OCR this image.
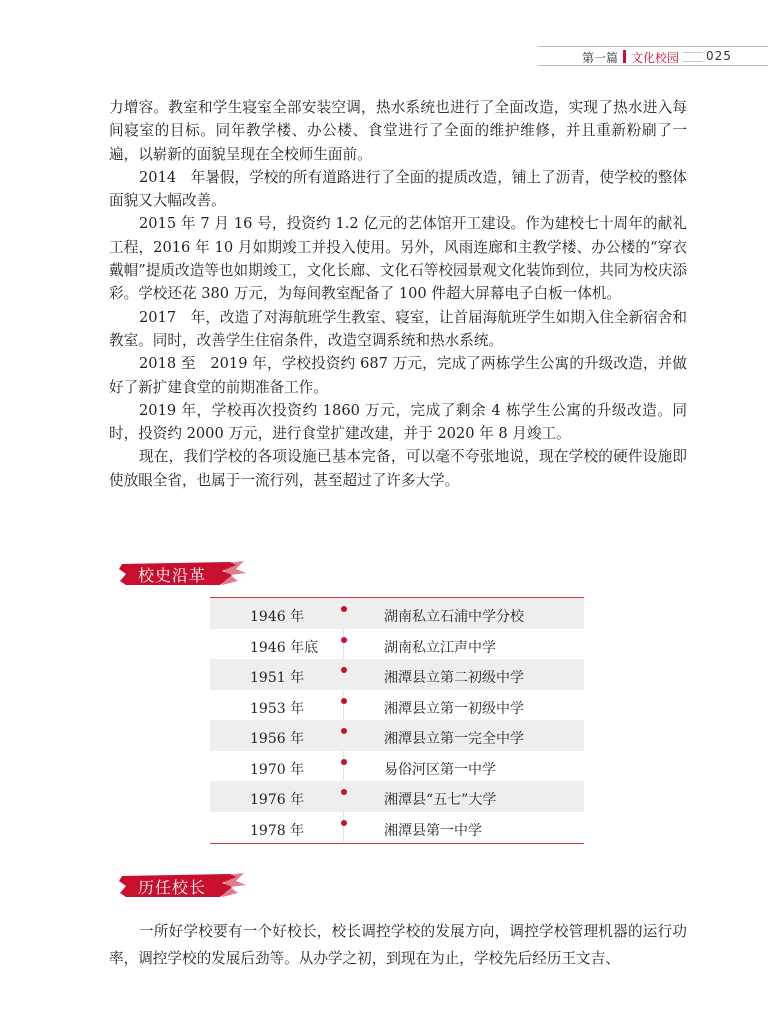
第一篇 文化校园 025

力增容。教室和学生寝室全部安装空调，热水系统也进行了全面改造，实现了热水进入每间寝室的目标。同年教学楼、办公楼、食堂进行了全面的维护维修，并且重新粉刷了一遍，以崭新的面貌呈现在全校师生面前。

2014　年暑假，学校的所有道路进行了全面的提质改造，铺上了沥青，使学校的整体面貌又大幅改善。

2015 年 7 月 16 号，投资约 1.2 亿元的艺体馆开工建设。作为建校七十周年的献礼工程，2016 年 10 月如期竣工并投入使用。另外，风雨连廊和主教学楼、办公楼的“穿衣戴帽”提质改造等也如期竣工，文化长廊、文化石等校园景观文化装饰到位，共同为校庆添彩。学校还花 380 万元，为每间教室配备了 100 件超大屏幕电子白板一体机。

2017　年，改造了对海航班学生教室、寝室，让首届海航班学生如期入住全新宿舍和教室。同时，改善学生住宿条件，改造空调系统和热水系统。

2018 至　2019 年，学校投资约 687 万元，完成了两栋学生公寓的升级改造，并做好了新扩建食堂的前期准备工作。

2019 年，学校再次投资约 1860 万元，完成了剩余 4 栋学生公寓的升级改造。同时，投资约 2000 万元，进行食堂扩建改建，并于 2020 年 8 月竣工。

现在，我们学校的各项设施已基本完备，可以毫不夸张地说，现在学校的硬件设施即使放眼全省，也属于一流行列，甚至超过了许多大学。

校史沿革
1946 年	湖南私立石浦中学分校
1946 年底	湖南私立江声中学
1951 年	湘潭县立第二初级中学
1953 年	湘潭县立第一初级中学
1956 年	湘潭县立第一完全中学
1970 年	易俗河区第一中学
1976 年	湘潭县“五七”大学
1978 年	湘潭县第一中学
历任校长

一所好学校要有一个好校长，校长调控学校的发展方向，调控学校管理机器的运行功率，调控学校的发展后劲等。从办学之初，到现在为止，学校先后经历王文吉、
